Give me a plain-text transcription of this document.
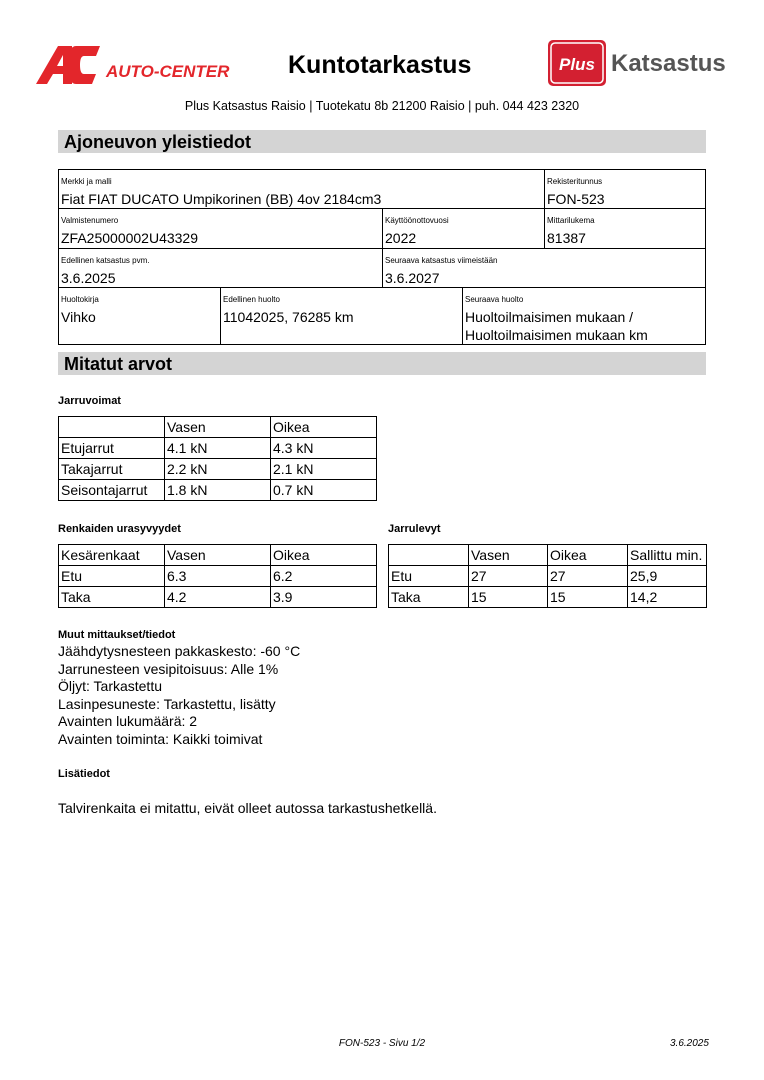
AUTO-CENTER Kuntotarkastus	Plus Katsastus
Plus Katsastus Raisio | Tuotekatu 8b 21200 Raisio | puh. 044 423 2320
Ajoneuvon yleistiedot
Merkki ja malli
Fiat FIAT DUCATO Umpikorinen (BB) 4ov 2184cm3
Rekisteritunnus
FON-523
Valmistenumero
ZFA25000002U43329
Käyttöönottovuosi
2022
Mittarilukema
81387
Edellinen katsastus pvm.
3.6.2025
Seuraava katsastus viimeistään
3.6.2027
Huoltokirja
Vihko
Edellinen huolto
11042025, 76285 km
Seuraava huolto
Huoltoilmaisimen mukaan /
Huoltoilmaisimen mukaan km
Mitatut arvot
Jarruvoimat
	Vasen	Oikea
Etujarrut	4.1 kN	4.3 kN
Takajarrut	2.2 kN	2.1 kN
Seisontajarrut	1.8 kN	0.7 kN
Renkaiden urasyvyydet
Kesärenkaat	Vasen	Oikea
Etu	6.3	6.2
Taka	4.2	3.9
Jarrulevyt
	Vasen	Oikea	Sallittu min.
Etu	27	27	25,9
Taka	15	15	14,2
Muut mittaukset/tiedot
Jäähdytysnesteen pakkaskesto: -60 °C
Jarrunesteen vesipitoisuus: Alle 1%
Öljyt: Tarkastettu
Lasinpesuneste: Tarkastettu, lisätty
Avainten lukumäärä: 2
Avainten toiminta: Kaikki toimivat
Lisätiedot
Talvirenkaita ei mitattu, eivät olleet autossa tarkastushetkellä.
FON-523 - Sivu 1/2	3.6.2025
